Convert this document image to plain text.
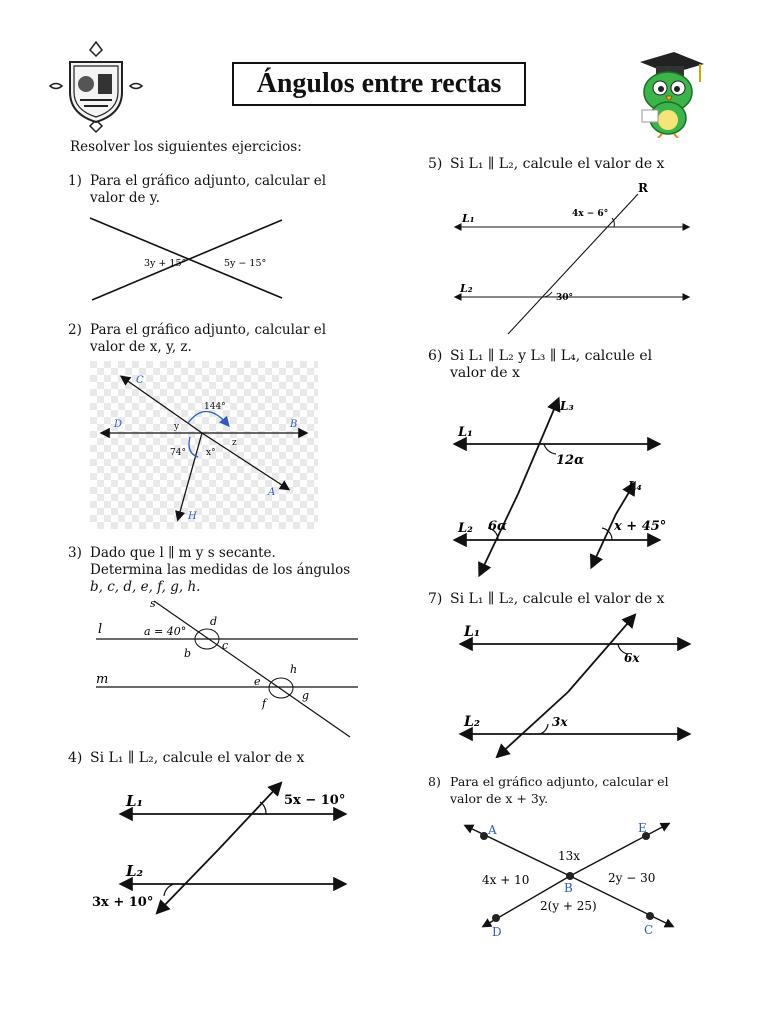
Ángulos entre rectas
Resolver los siguientes ejercicios:
1) Para el gráfico adjunto, calcular el
valor de y.
3y + 15°	5y − 15°
2) Para el gráfico adjunto, calcular el
valor de x, y, z.
C
D	B
A
H
144°
74°
y
z
x°
3) Dado que l ∥ m y s secante.
Determina las medidas de los ángulos
b, c, d, e, f, g, h.
s
l
m
a = 40°
d
b
c
e
h
f
g
4) Si L₁ ∥ L₂, calcule el valor de x
L₁
L₂
5x − 10°
3x + 10°
5) Si L₁ ∥ L₂, calcule el valor de x
R
L₁
L₂
4x − 6°
30°
6) Si L₁ ∥ L₂ y L₃ ∥ L₄, calcule el
valor de x
L₁
L₂
L₃
L₄
12α
6α	x + 45°
7) Si L₁ ∥ L₂, calcule el valor de x
L₁
L₂
6x
3x
8) Para el gráfico adjunto, calcular el
valor de x + 3y.
A	E
B
D	C
13x
4x + 10	2y − 30
2(y + 25)
